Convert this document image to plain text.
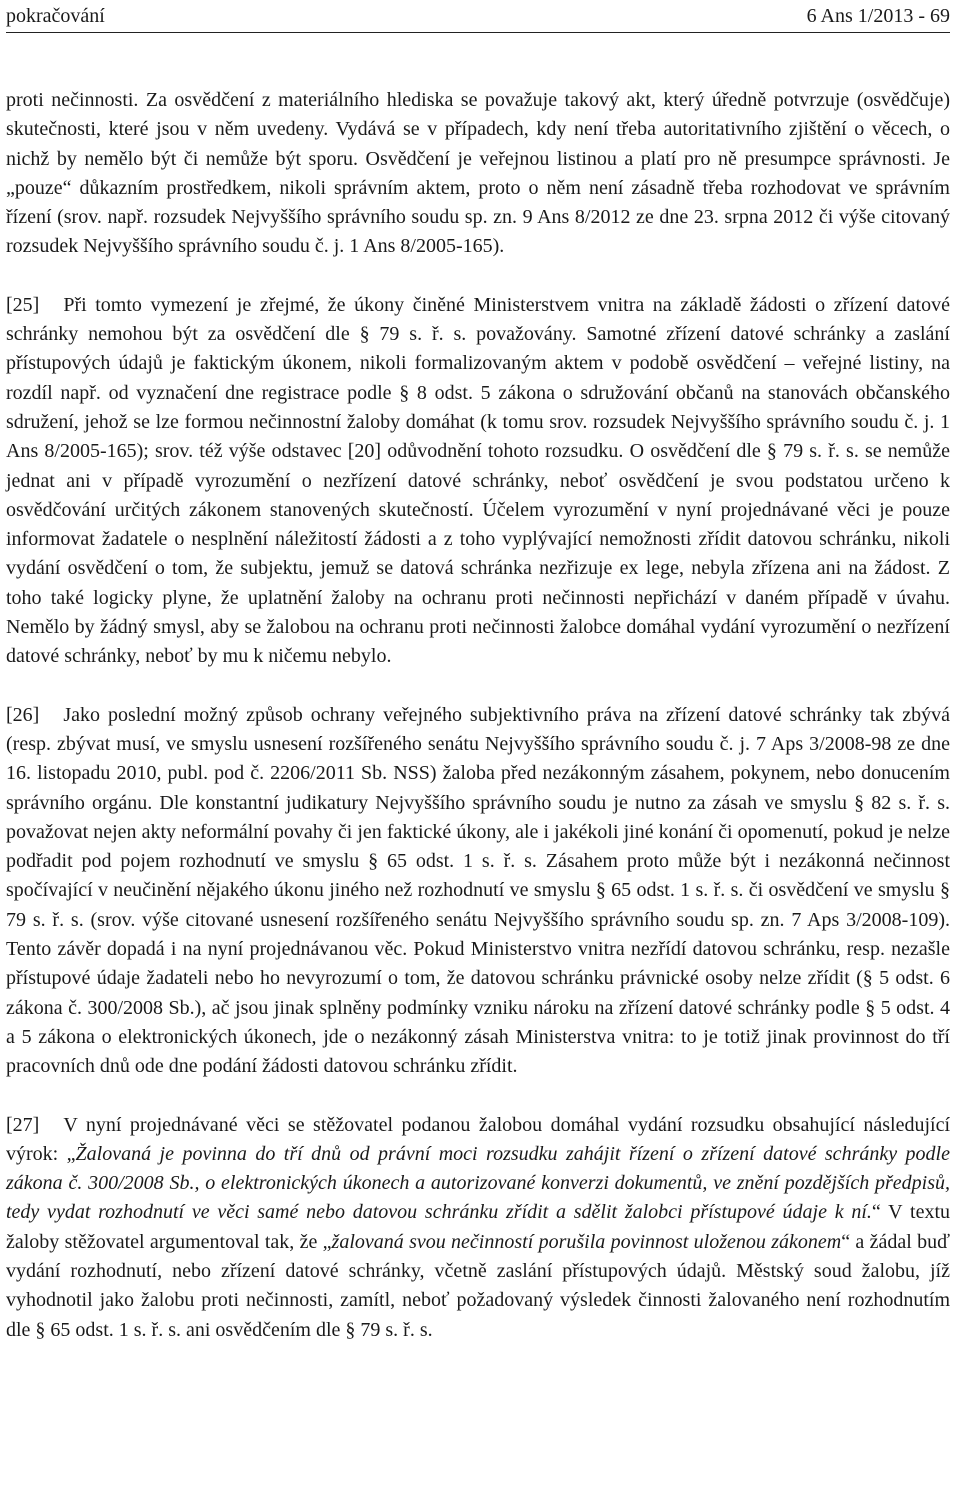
pokračování	6 Ans 1/2013 - 69

proti nečinnosti. Za osvědčení z materiálního hlediska se považuje takový akt, který úředně potvrzuje (osvědčuje) skutečnosti, které jsou v něm uvedeny. Vydává se v případech, kdy není třeba autoritativního zjištění o věcech, o nichž by nemělo být či nemůže být sporu. Osvědčení je veřejnou listinou a platí pro ně presumpce správnosti. Je „pouze“ důkazním prostředkem, nikoli správním aktem, proto o něm není zásadně třeba rozhodovat ve správním řízení (srov. např. rozsudek Nejvyššího správního soudu sp. zn. 9 Ans 8/2012 ze dne 23. srpna 2012 či výše citovaný rozsudek Nejvyššího správního soudu č. j. 1 Ans 8/2005-165).

[25] Při tomto vymezení je zřejmé, že úkony činěné Ministerstvem vnitra na základě žádosti o zřízení datové schránky nemohou být za osvědčení dle § 79 s. ř. s. považovány. Samotné zřízení datové schránky a zaslání přístupových údajů je faktickým úkonem, nikoli formalizovaným aktem v podobě osvědčení – veřejné listiny, na rozdíl např. od vyznačení dne registrace podle § 8 odst. 5 zákona o sdružování občanů na stanovách občanského sdružení, jehož se lze formou nečinnostní žaloby domáhat (k tomu srov. rozsudek Nejvyššího správního soudu č. j. 1 Ans 8/2005-165); srov. též výše odstavec [20] odůvodnění tohoto rozsudku. O osvědčení dle § 79 s. ř. s. se nemůže jednat ani v případě vyrozumění o nezřízení datové schránky, neboť osvědčení je svou podstatou určeno k osvědčování určitých zákonem stanovených skutečností. Účelem vyrozumění v nyní projednávané věci je pouze informovat žadatele o nesplnění náležitostí žádosti a z toho vyplývající nemožnosti zřídit datovou schránku, nikoli vydání osvědčení o tom, že subjektu, jemuž se datová schránka nezřizuje ex lege, nebyla zřízena ani na žádost. Z toho také logicky plyne, že uplatnění žaloby na ochranu proti nečinnosti nepřichází v daném případě v úvahu. Nemělo by žádný smysl, aby se žalobou na ochranu proti nečinnosti žalobce domáhal vydání vyrozumění o nezřízení datové schránky, neboť by mu k ničemu nebylo.

[26] Jako poslední možný způsob ochrany veřejného subjektivního práva na zřízení datové schránky tak zbývá (resp. zbývat musí, ve smyslu usnesení rozšířeného senátu Nejvyššího správního soudu č. j. 7 Aps 3/2008-98 ze dne 16. listopadu 2010, publ. pod č. 2206/2011 Sb. NSS) žaloba před nezákonným zásahem, pokynem, nebo donucením správního orgánu. Dle konstantní judikatury Nejvyššího správního soudu je nutno za zásah ve smyslu § 82 s. ř. s. považovat nejen akty neformální povahy či jen faktické úkony, ale i jakékoli jiné konání či opomenutí, pokud je nelze podřadit pod pojem rozhodnutí ve smyslu § 65 odst. 1 s. ř. s. Zásahem proto může být i nezákonná nečinnost spočívající v neučinění nějakého úkonu jiného než rozhodnutí ve smyslu § 65 odst. 1 s. ř. s. či osvědčení ve smyslu § 79 s. ř. s. (srov. výše citované usnesení rozšířeného senátu Nejvyššího správního soudu sp. zn. 7 Aps 3/2008-109). Tento závěr dopadá i na nyní projednávanou věc. Pokud Ministerstvo vnitra nezřídí datovou schránku, resp. nezašle přístupové údaje žadateli nebo ho nevyrozumí o tom, že datovou schránku právnické osoby nelze zřídit (§ 5 odst. 6 zákona č. 300/2008 Sb.), ač jsou jinak splněny podmínky vzniku nároku na zřízení datové schránky podle § 5 odst. 4 a 5 zákona o elektronických úkonech, jde o nezákonný zásah Ministerstva vnitra: to je totiž jinak provinnost do tří pracovních dnů ode dne podání žádosti datovou schránku zřídit.

[27] V nyní projednávané věci se stěžovatel podanou žalobou domáhal vydání rozsudku obsahující následující výrok: „Žalovaná je povinna do tří dnů od právní moci rozsudku zahájit řízení o zřízení datové schránky podle zákona č. 300/2008 Sb., o elektronických úkonech a autorizované konverzi dokumentů, ve znění pozdějších předpisů, tedy vydat rozhodnutí ve věci samé nebo datovou schránku zřídit a sdělit žalobci přístupové údaje k ní.“ V textu žaloby stěžovatel argumentoval tak, že „žalovaná svou nečinností porušila povinnost uloženou zákonem“ a žádal buď vydání rozhodnutí, nebo zřízení datové schránky, včetně zaslání přístupových údajů. Městský soud žalobu, jíž vyhodnotil jako žalobu proti nečinnosti, zamítl, neboť požadovaný výsledek činnosti žalovaného není rozhodnutím dle § 65 odst. 1 s. ř. s. ani osvědčením dle § 79 s. ř. s.
